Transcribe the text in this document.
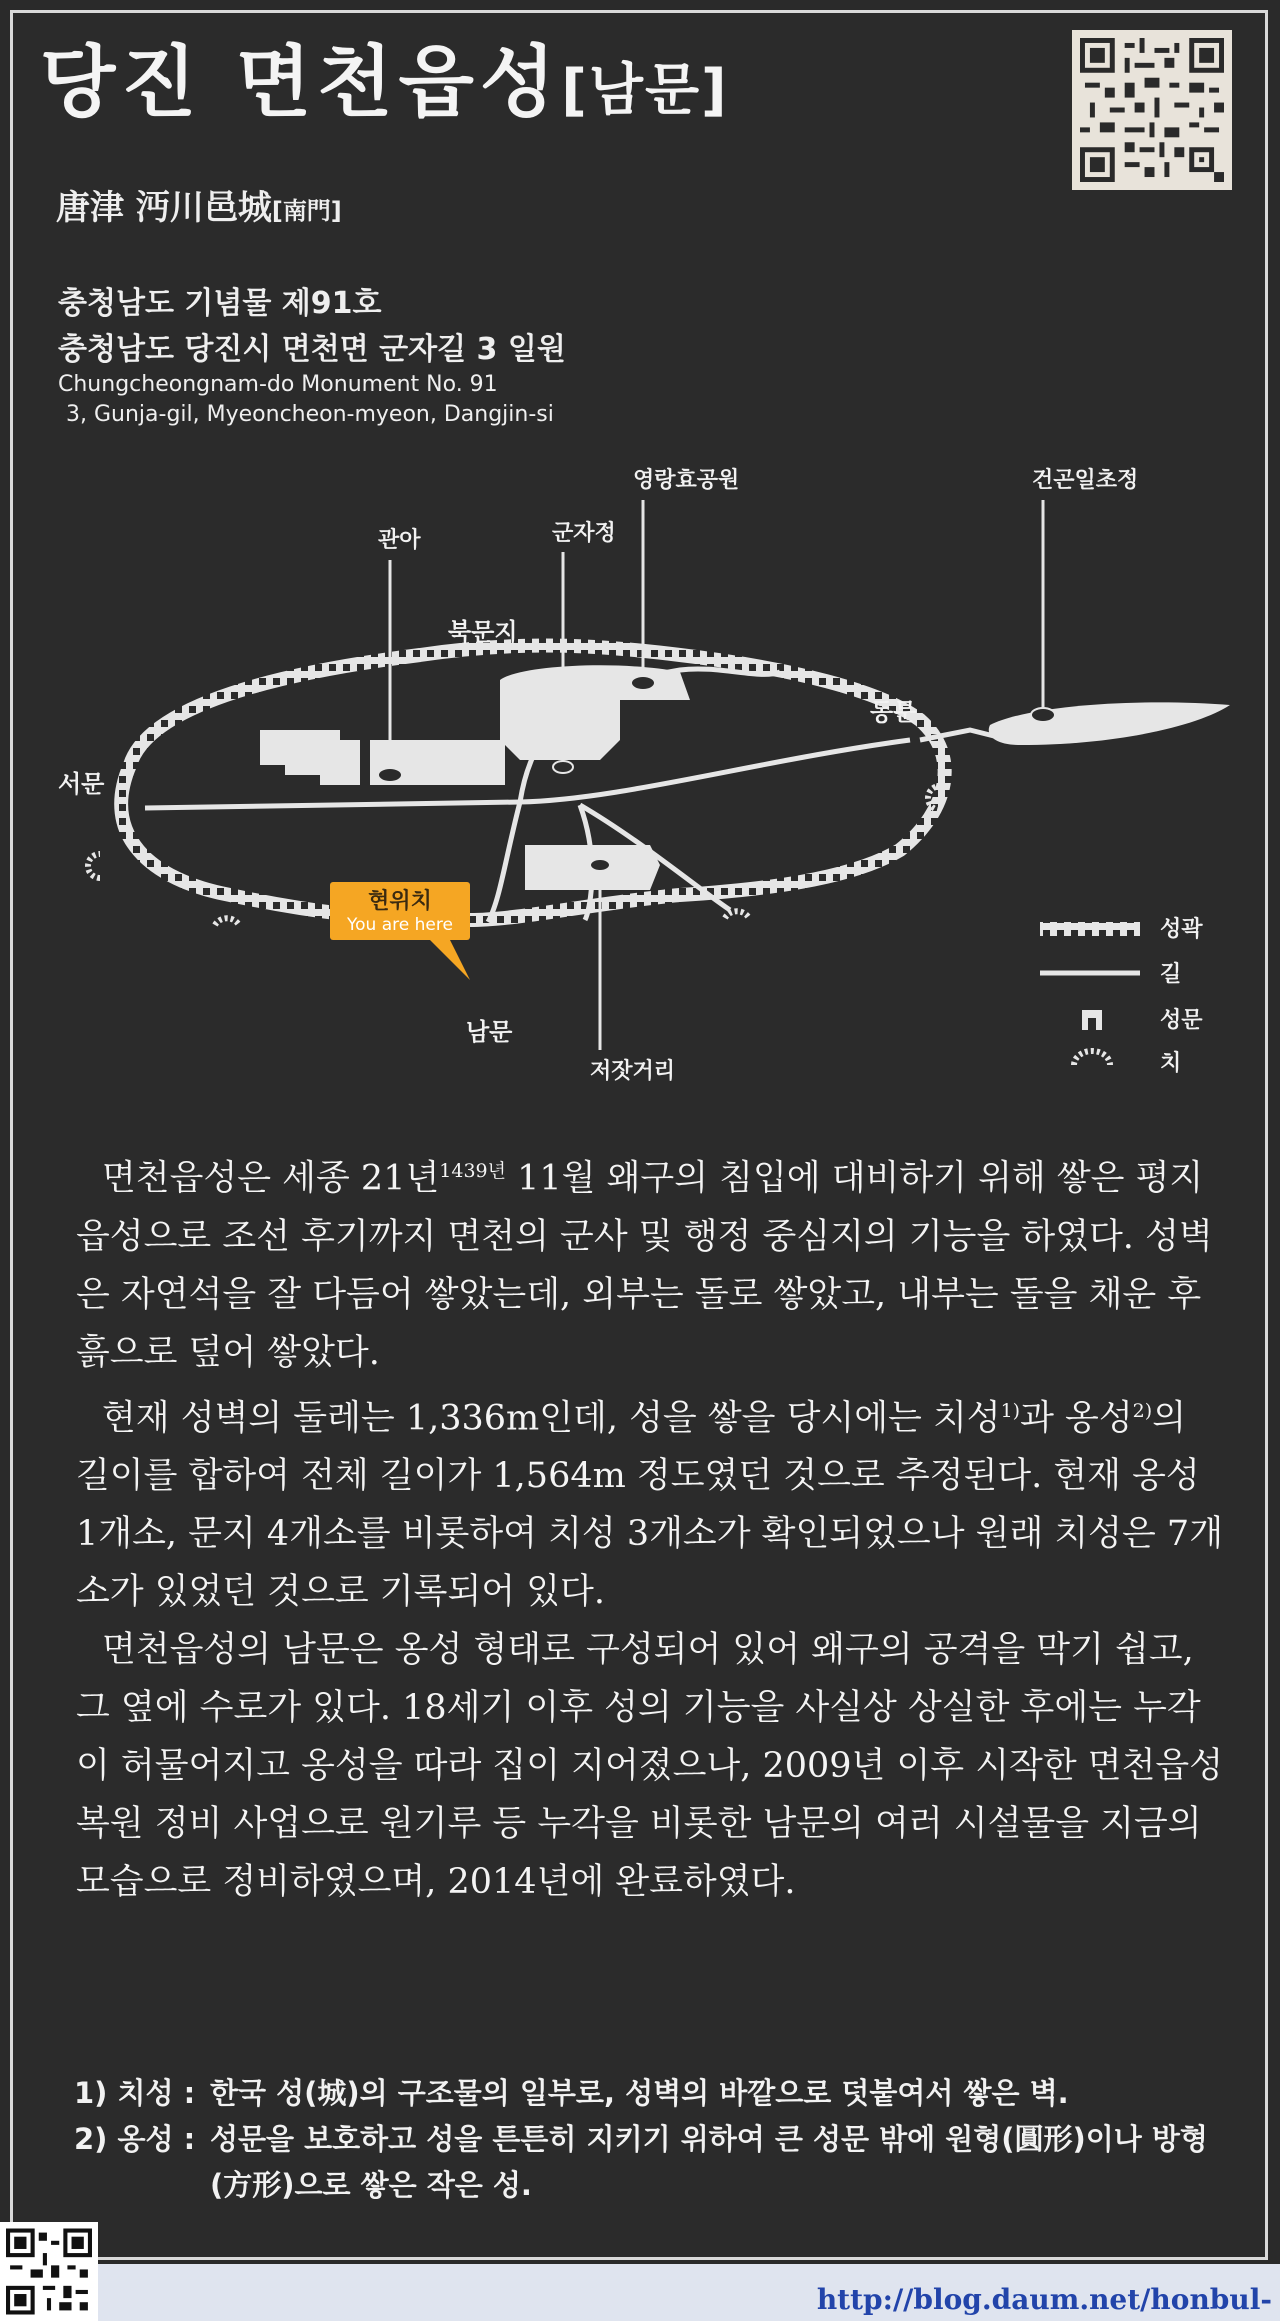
당진 면천읍성[남문]
唐津 沔川邑城[南門]
충청남도 기념물 제91호
충청남도 당진시 면천면 군자길 3 일원
Chungcheongnam-do Monument No. 91
3, Gunja-gil, Myeoncheon-myeon, Dangjin-si
관아	군자정
영랑효공원	건곤일초정
북문지
동문
서문
남문
저잣거리
현위치
You are here	성곽
길
성문
치

면천읍성은 세종 21년$^{1439년}$ 11월 왜구의 침입에 대비하기 위해 쌓은 평지 읍성으로 조선 후기까지 면천의 군사 및 행정 중심지의 기능을 하였다. 성벽은 자연석을 잘 다듬어 쌓았는데, 외부는 돌로 쌓았고, 내부는 돌을 채운 후 흙으로 덮어 쌓았다.

현재 성벽의 둘레는 1,336m인데, 성을 쌓을 당시에는 치성$^{1)}$과 옹성$^{2)}$의 길이를 합하여 전체 길이가 1,564m 정도였던 것으로 추정된다. 현재 옹성 1개소, 문지 4개소를 비롯하여 치성 3개소가 확인되었으나 원래 치성은 7개소가 있었던 것으로 기록되어 있다.

면천읍성의 남문은 옹성 형태로 구성되어 있어 왜구의 공격을 막기 쉽고, 그 옆에 수로가 있다. 18세기 이후 성의 기능을 사실상 상실한 후에는 누각이 허물어지고 옹성을 따라 집이 지어졌으나, 2009년 이후 시작한 면천읍성 복원 정비 사업으로 원기루 등 누각을 비롯한 남문의 여러 시설물을 지금의 모습으로 정비하였으며, 2014년에 완료하였다.

1) 치성 : 한국 성(城)의 구조물의 일부로, 성벽의 바깥으로 덧붙여서 쌓은 벽.
2) 옹성 : 성문을 보호하고 성을 튼튼히 지키기 위하여 큰 성문 밖에 원형(圓形)이나 방형(方形)으로 쌓은 작은 성.
http://blog.daum.net/honbul-
